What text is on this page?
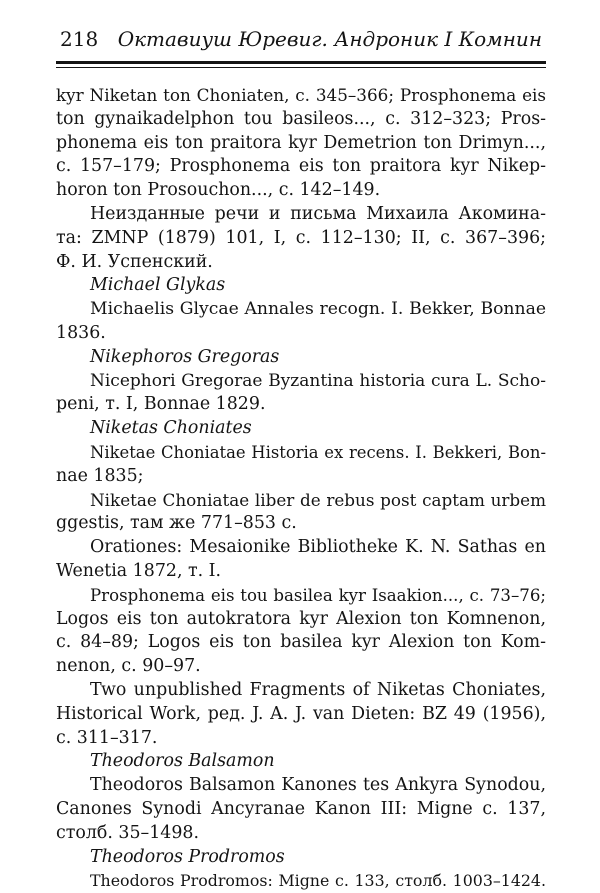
218 Октавиуш Юревиг. Андроник I Комнин
kyr Niketan ton Choniaten, c. 345–366; Prosphonema eis
ton gynaikadelphon tou basileos..., c. 312–323; Pros-
phonema eis ton praitora kyr Demetrion ton Drimyn...,
c. 157–179; Prosphonema eis ton praitora kyr Nikep-
horon ton Prosouchon..., c. 142–149.
Неизданные речи и письма Михаила Акомина-
та: ZMNP (1879) 101, I, c. 112–130; II, c. 367–396;
Ф. И. Успенский.
Michael Glykas
Michaelis Glycae Annales recogn. I. Bekker, Bonnae
1836.
Nikephoros Gregoras
Nicephori Gregorae Byzantina historia cura L. Scho-
peni, т. I, Bonnae 1829.
Niketas Choniates
Niketae Choniatae Historia ex recens. I. Bekkeri, Bon-
nae 1835;
Niketae Choniatae liber de rebus post captam urbem
ggestis, там же 771–853 c.
Orationes: Mesaionike Bibliotheke K. N. Sathas en
Wenetia 1872, т. I.
Prosphonema eis tou basilea kyr Isaakion..., c. 73–76;
Logos eis ton autokratora kyr Alexion ton Komnenon,
c. 84–89; Logos eis ton basilea kyr Alexion ton Kom-
nenon, c. 90–97.
Two unpublished Fragments of Niketas Choniates,
Historical Work, ред. J. A. J. van Dieten: BZ 49 (1956),
c. 311–317.
Theodoros Balsamon
Theodoros Balsamon Kanones tes Ankyra Synodou,
Canones Synodi Ancyranae Kanon III: Migne c. 137,
столб. 35–1498.
Theodoros Prodromos
Theodoros Prodromos: Migne c. 133, столб. 1003–1424.
